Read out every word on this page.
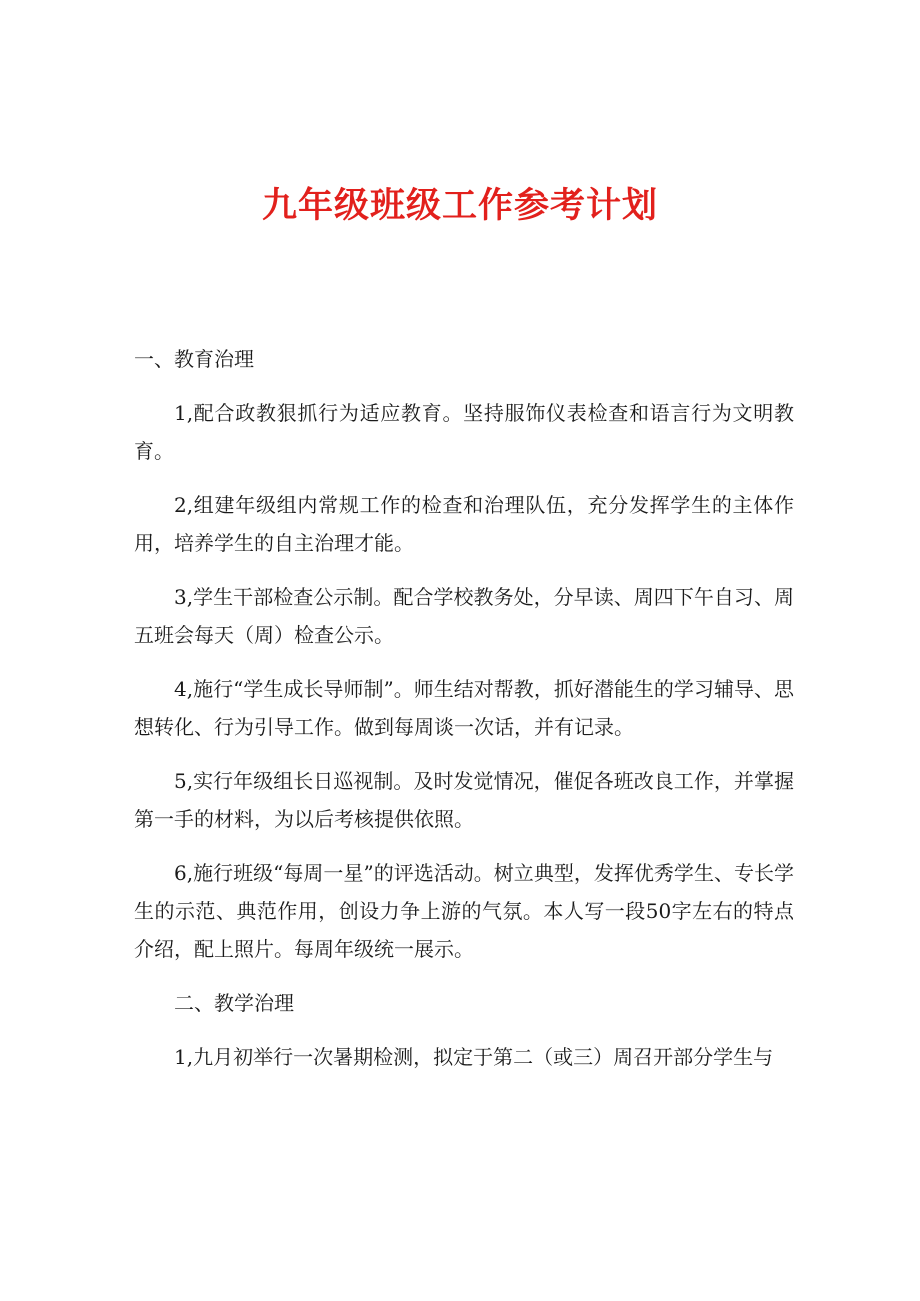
九年级班级工作参考计划

一、教育治理

1,配合政教狠抓行为适应教育。坚持服饰仪表检查和语言行为文明教育。

2,组建年级组内常规工作的检查和治理队伍，充分发挥学生的主体作用，培养学生的自主治理才能。

3,学生干部检查公示制。配合学校教务处，分早读、周四下午自习、周五班会每天（周）检查公示。

4,施行“学生成长导师制”。师生结对帮教，抓好潜能生的学习辅导、思想转化、行为引导工作。做到每周谈一次话，并有记录。

5,实行年级组长日巡视制。及时发觉情况，催促各班改良工作，并掌握第一手的材料，为以后考核提供依照。

6,施行班级“每周一星”的评选活动。树立典型，发挥优秀学生、专长学生的示范、典范作用，创设力争上游的气氛。本人写一段50字左右的特点介绍，配上照片。每周年级统一展示。

二、教学治理

1,九月初举行一次暑期检测，拟定于第二（或三）周召开部分学生与
